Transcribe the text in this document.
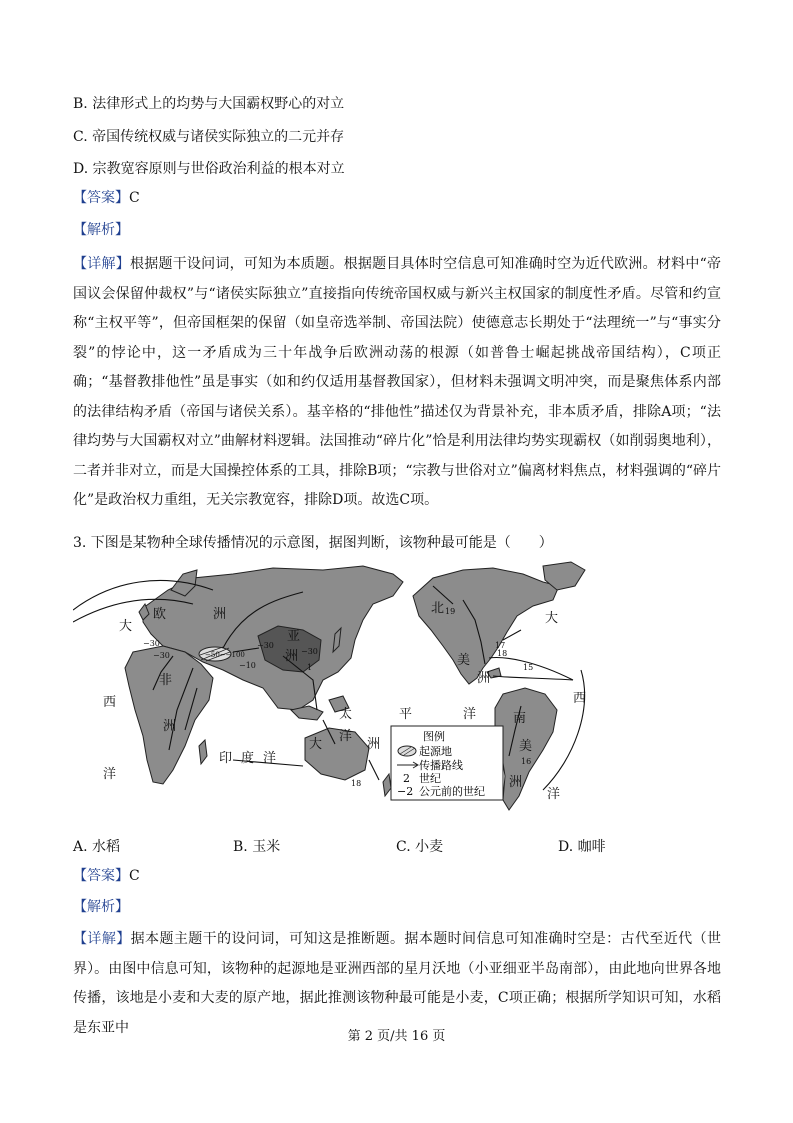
B. 法律形式上的均势与大国霸权野心的对立
C. 帝国传统权威与诸侯实际独立的二元并存
D. 宗教宽容原则与世俗政治利益的根本对立
【答案】C
【解析】
【详解】根据题干设问词，可知为本质题。根据题目具体时空信息可知准确时空为近代欧洲。材料中“帝国议会保留仲裁权”与“诸侯实际独立”直接指向传统帝国权威与新兴主权国家的制度性矛盾。尽管和约宣称“主权平等”，但帝国框架的保留（如皇帝选举制、帝国法院）使德意志长期处于“法理统一”与“事实分裂”的悖论中，这一矛盾成为三十年战争后欧洲动荡的根源（如普鲁士崛起挑战帝国结构），C项正确；“基督教排他性”虽是事实（如和约仅适用基督教国家），但材料未强调文明冲突，而是聚焦体系内部的法律结构矛盾（帝国与诸侯关系）。基辛格的“排他性”描述仅为背景补充，非本质矛盾，排除A项；“法律均势与大国霸权对立”曲解材料逻辑。法国推动“碎片化”恰是利用法律均势实现霸权（如削弱奥地利），二者并非对立，而是大国操控体系的工具，排除B项；“宗教与世俗对立”偏离材料焦点，材料强调的“碎片化”是政治权力重组，无关宗教宽容，排除D项。故选C项。
3. 下图是某物种全球传播情况的示意图，据图判断，该物种最可能是（　　）
大
欧	洲
亚
洲
非
洲
北
美
洲
南
美
洲
大
洋
洲
大
西
洋
印 度 洋
太	平	洋
西
洋
−30
−30
−30
−10
−50~−100	−30
1
19
17
18
15
16
18
图例
起源地
传播路线
2 世纪
−2 公元前的世纪
A. 水稻	B. 玉米	C. 小麦	D. 咖啡
【答案】C
【解析】
【详解】据本题主题干的设问词，可知这是推断题。据本题时间信息可知准确时空是：古代至近代（世界）。由图中信息可知，该物种的起源地是亚洲西部的星月沃地（小亚细亚半岛南部），由此地向世界各地传播，该地是小麦和大麦的原产地，据此推测该物种最可能是小麦，C项正确；根据所学知识可知，水稻是东亚中
第 2 页/共 16 页
